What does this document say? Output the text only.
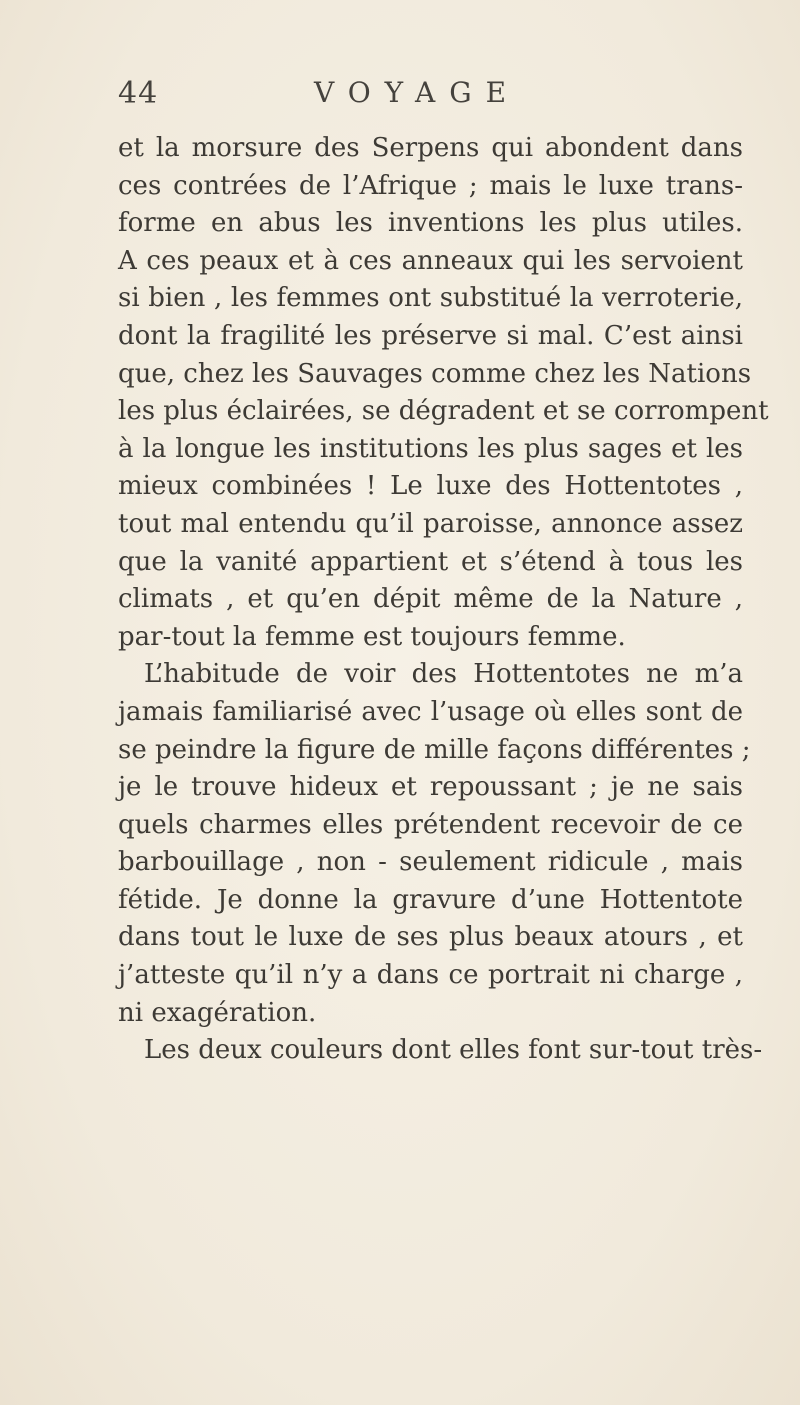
44	VOYAGE
et la morsure des Serpens qui abondent dans
ces contrées de l’Afrique ; mais le luxe trans-
forme en abus les inventions les plus utiles.
A ces peaux et à ces anneaux qui les servoient
si bien , les femmes ont substitué la verroterie,
dont la fragilité les préserve si mal. C’est ainsi
que, chez les Sauvages comme chez les Nations
les plus éclairées, se dégradent et se corrompent
à la longue les institutions les plus sages et les
mieux combinées ! Le luxe des Hottentotes ,
tout mal entendu qu’il paroisse, annonce assez
que la vanité appartient et s’étend à tous les
climats , et qu’en dépit même de la Nature ,
par-tout la femme est toujours femme.
L’habitude de voir des Hottentotes ne m’a
jamais familiarisé avec l’usage où elles sont de
se peindre la figure de mille façons différentes ;
je le trouve hideux et repoussant ; je ne sais
quels charmes elles prétendent recevoir de ce
barbouillage , non - seulement ridicule , mais
fétide. Je donne la gravure d’une Hottentote
dans tout le luxe de ses plus beaux atours , et
j’atteste qu’il n’y a dans ce portrait ni charge ,
ni exagération.
Les deux couleurs dont elles font sur-tout très-
